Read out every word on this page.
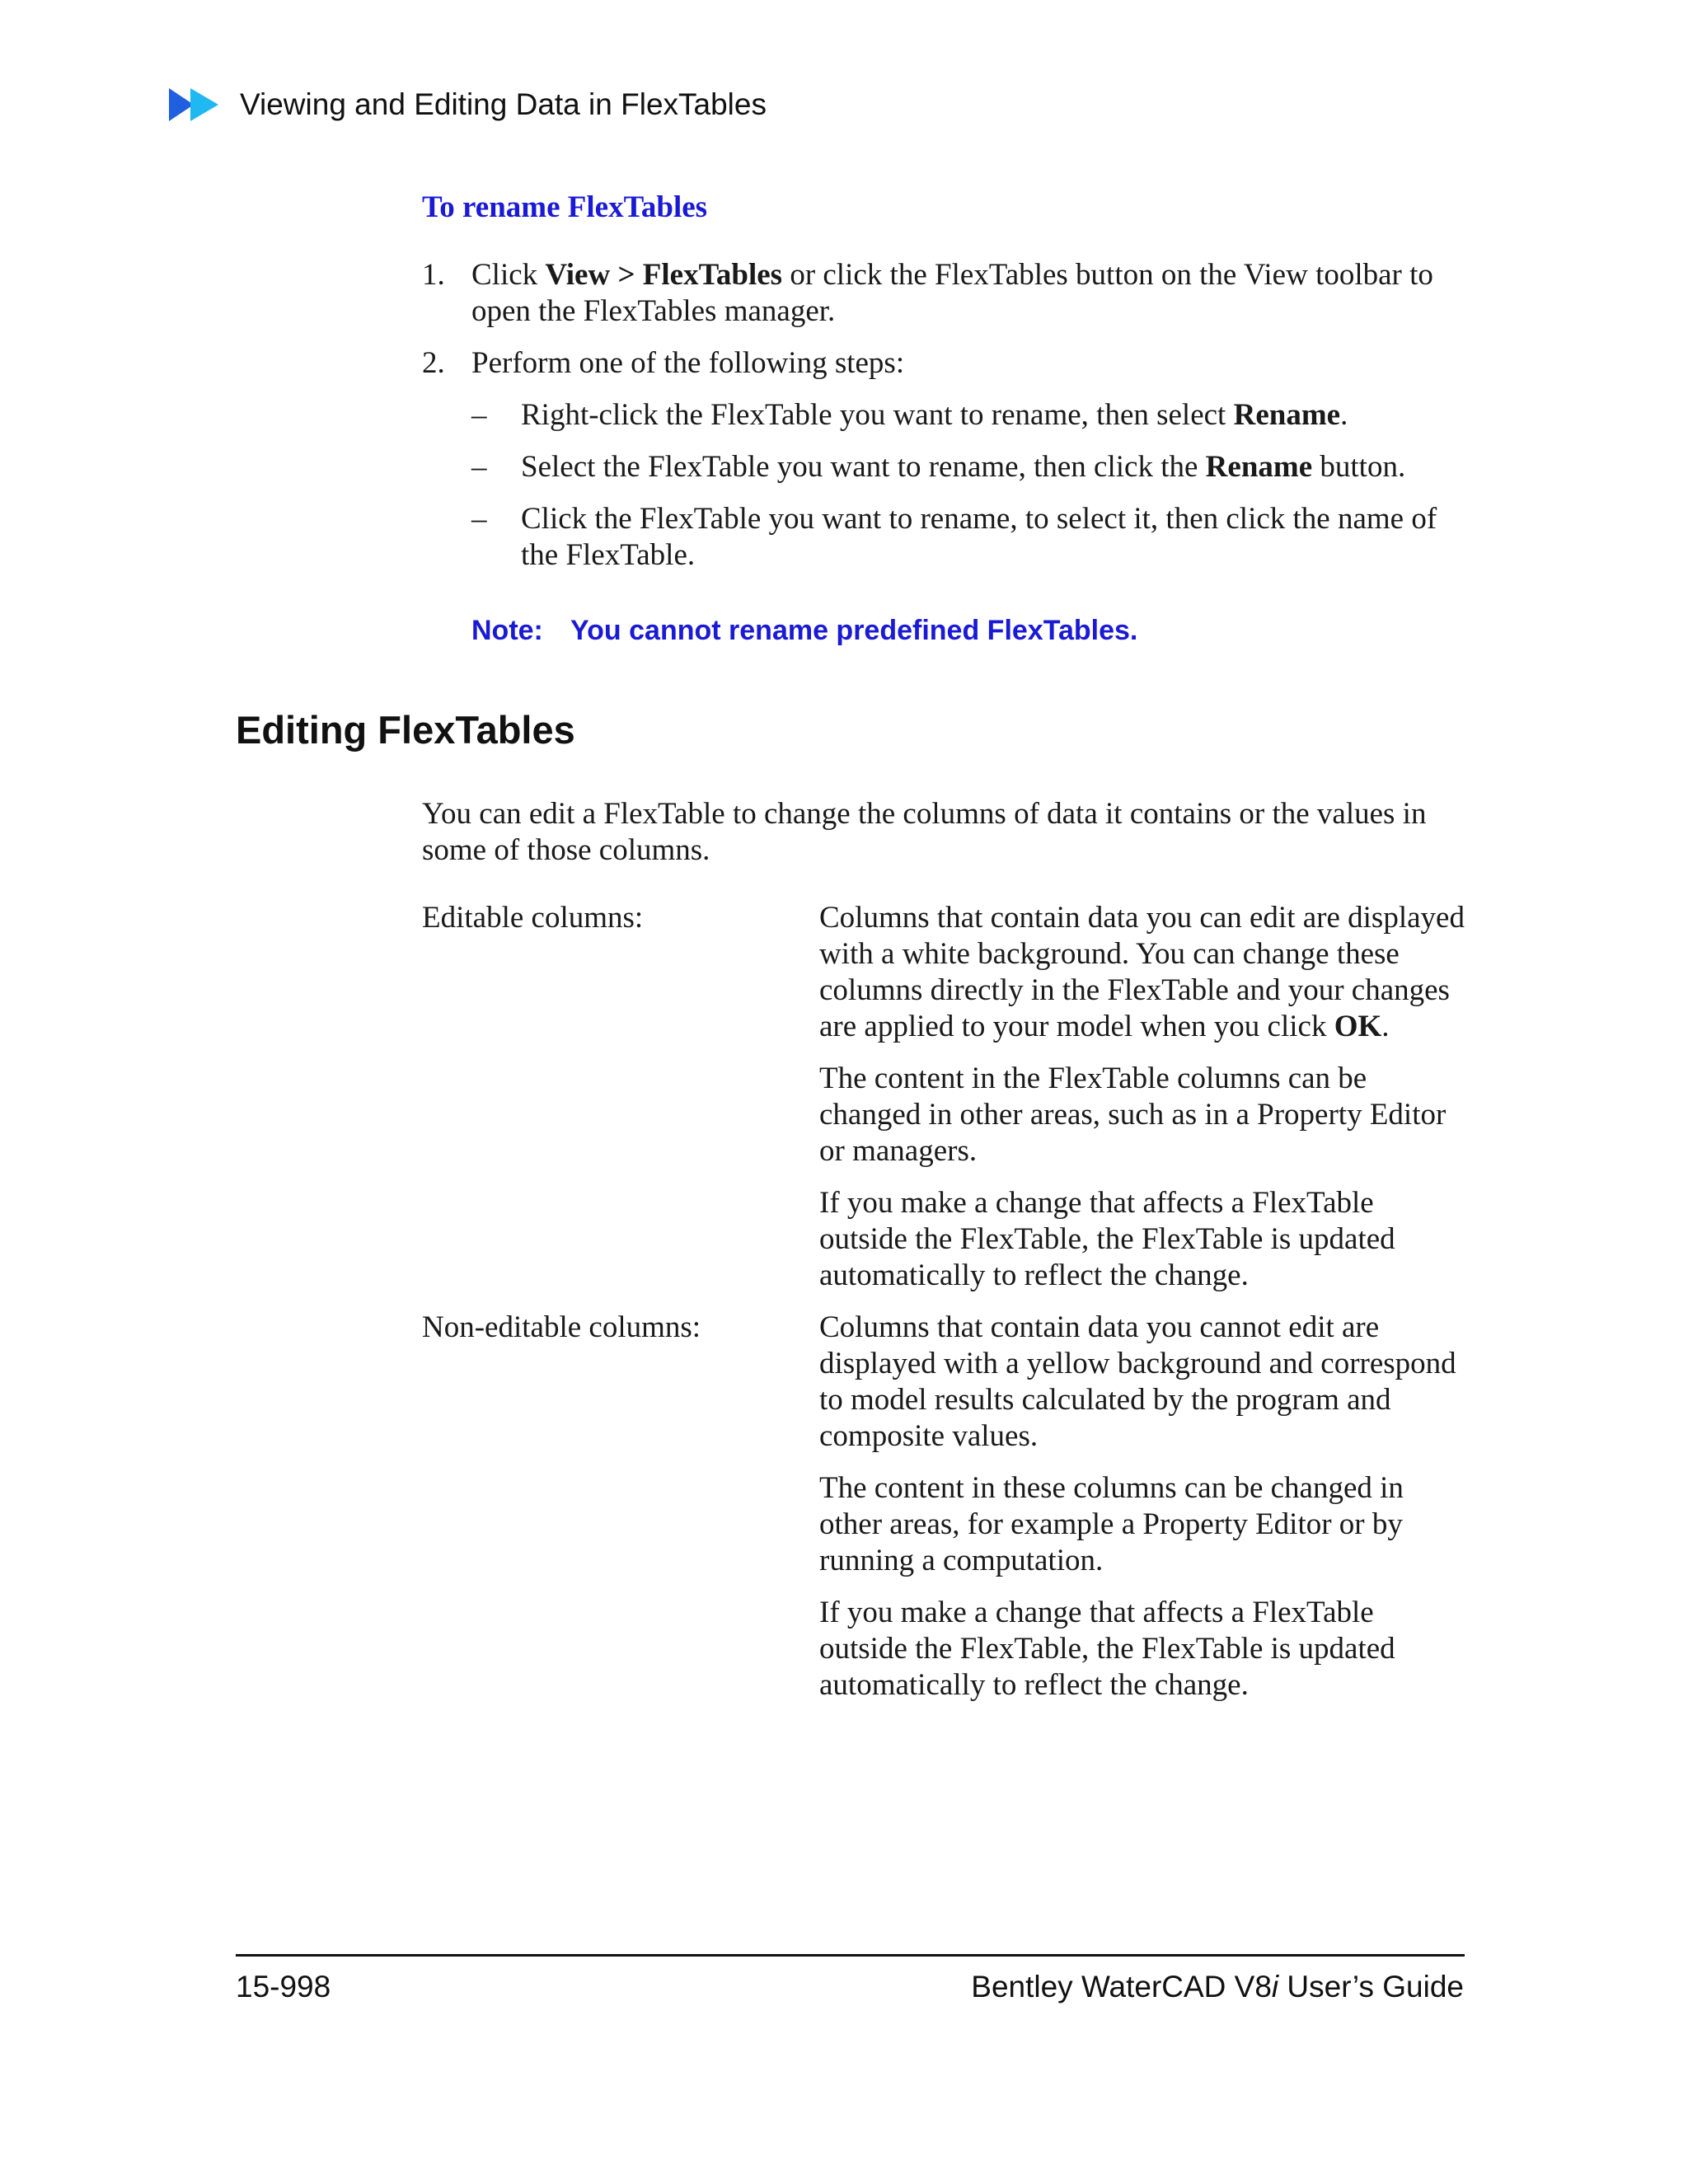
Viewing and Editing Data in FlexTables
To rename FlexTables
1. Click View > FlexTables or click the FlexTables button on the View toolbar to open the FlexTables manager.
2. Perform one of the following steps:
–	Right-click the FlexTable you want to rename, then select Rename.
–	Select the FlexTable you want to rename, then click the Rename button.
–	Click the FlexTable you want to rename, to select it, then click the name of the FlexTable.
Note: You cannot rename predefined FlexTables.
Editing FlexTables
You can edit a FlexTable to change the columns of data it contains or the values in some of those columns.
Editable columns:	Columns that contain data you can edit are displayed with a white background. You can change these columns directly in the FlexTable and your changes are applied to your model when you click OK.

The content in the FlexTable columns can be changed in other areas, such as in a Property Editor or managers.

If you make a change that affects a FlexTable outside the FlexTable, the FlexTable is updated automatically to reflect the change.

Non-editable columns:	Columns that contain data you cannot edit are displayed with a yellow background and correspond to model results calculated by the program and composite values.

The content in these columns can be changed in other areas, for example a Property Editor or by running a computation.

If you make a change that affects a FlexTable outside the FlexTable, the FlexTable is updated automatically to reflect the change.

15-998	Bentley WaterCAD V8i User’s Guide
